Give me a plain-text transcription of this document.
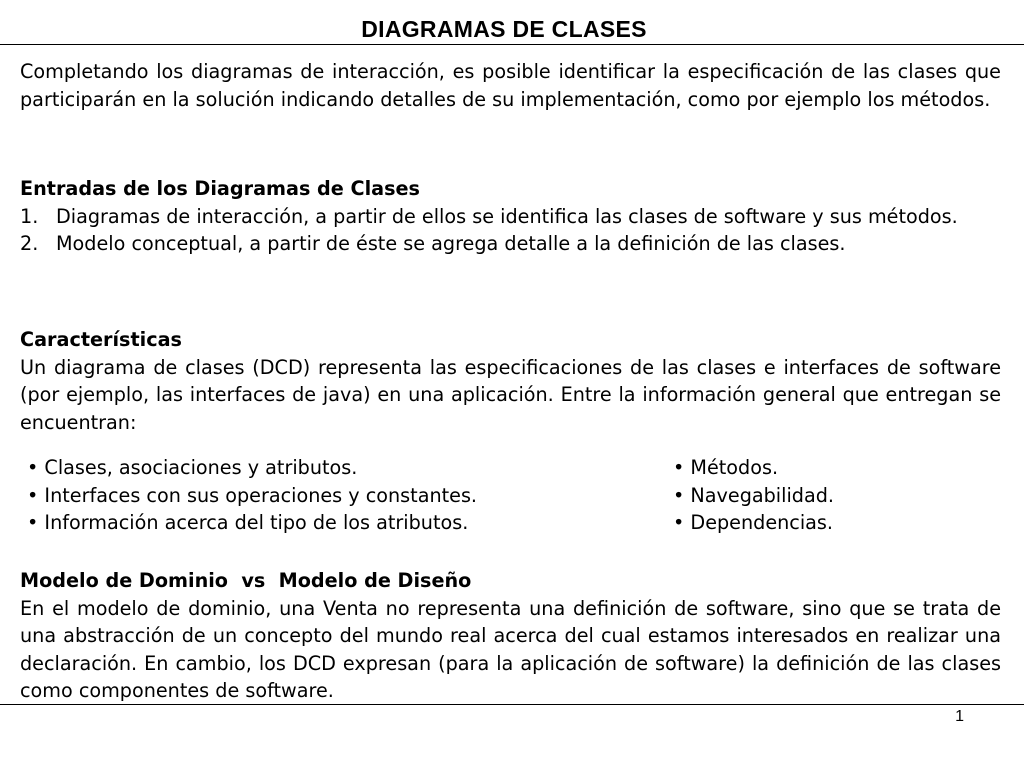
DIAGRAMAS DE CLASES
Completando los diagramas de interacción, es posible identificar la especificación de las clases que participarán en la solución indicando detalles de su implementación, como por ejemplo los métodos.
Entradas de los Diagramas de Clases
1. Diagramas de interacción, a partir de ellos se identifica las clases de software y sus métodos.
2. Modelo conceptual, a partir de éste se agrega detalle a la definición de las clases.
Características
Un diagrama de clases (DCD) representa las especificaciones de las clases e interfaces de software (por ejemplo, las interfaces de java) en una aplicación. Entre la información general que entregan se encuentran:
• Clases, asociaciones y atributos.
• Interfaces con sus operaciones y constantes.
• Información acerca del tipo de los atributos.
• Métodos.
• Navegabilidad.
• Dependencias.
Modelo de Dominio  vs  Modelo de Diseño
En el modelo de dominio, una Venta no representa una definición de software, sino que se trata de una abstracción de un concepto del mundo real acerca del cual estamos interesados en realizar una declaración. En cambio, los DCD expresan (para la aplicación de software) la definición de las clases como componentes de software.
1
